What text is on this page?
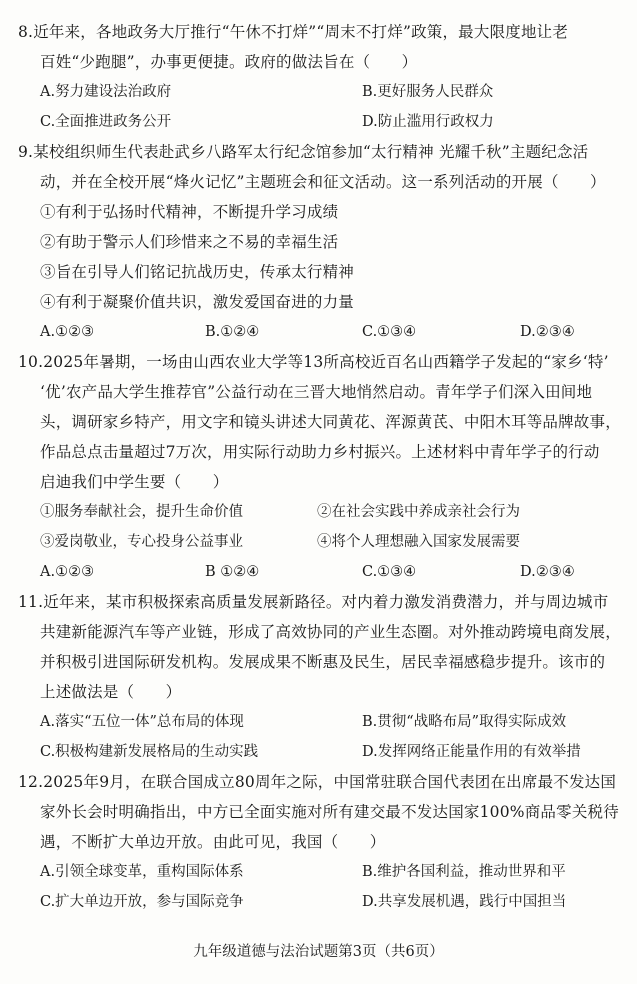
8.近年来，各地政务大厅推行“午休不打烊”“周末不打烊”政策，最大限度地让老
百姓“少跑腿”，办事更便捷。政府的做法旨在（　　）
A.努力建设法治政府	B.更好服务人民群众
C.全面推进政务公开	D.防止滥用行政权力
9.某校组织师生代表赴武乡八路军太行纪念馆参加“太行精神 光耀千秋”主题纪念活
动，并在全校开展“烽火记忆”主题班会和征文活动。这一系列活动的开展（　　）
①有利于弘扬时代精神，不断提升学习成绩
②有助于警示人们珍惜来之不易的幸福生活
③旨在引导人们铭记抗战历史，传承太行精神
④有利于凝聚价值共识，激发爱国奋进的力量
A.①②③	B.①②④	C.①③④	D.②③④
10.2025年暑期，一场由山西农业大学等13所高校近百名山西籍学子发起的“家乡‘特’
‘优’农产品大学生推荐官”公益行动在三晋大地悄然启动。青年学子们深入田间地
头，调研家乡特产，用文字和镜头讲述大同黄花、浑源黄芪、中阳木耳等品牌故事，
作品总点击量超过7万次，用实际行动助力乡村振兴。上述材料中青年学子的行动
启迪我们中学生要（　　）
①服务奉献社会，提升生命价值	②在社会实践中养成亲社会行为
③爱岗敬业，专心投身公益事业	④将个人理想融入国家发展需要
A.①②③	B ①②④	C.①③④	D.②③④
11.近年来，某市积极探索高质量发展新路径。对内着力激发消费潜力，并与周边城市
共建新能源汽车等产业链，形成了高效协同的产业生态圈。对外推动跨境电商发展，
并积极引进国际研发机构。发展成果不断惠及民生，居民幸福感稳步提升。该市的
上述做法是（　　）
A.落实“五位一体”总布局的体现	B.贯彻“战略布局”取得实际成效
C.积极构建新发展格局的生动实践	D.发挥网络正能量作用的有效举措
12.2025年9月，在联合国成立80周年之际，中国常驻联合国代表团在出席最不发达国
家外长会时明确指出，中方已全面实施对所有建交最不发达国家100%商品零关税待
遇，不断扩大单边开放。由此可见，我国（　　）
A.引领全球变革，重构国际体系	B.维护各国利益，推动世界和平
C.扩大单边开放，参与国际竞争	D.共享发展机遇，践行中国担当
九年级道德与法治试题第3页（共6页）
